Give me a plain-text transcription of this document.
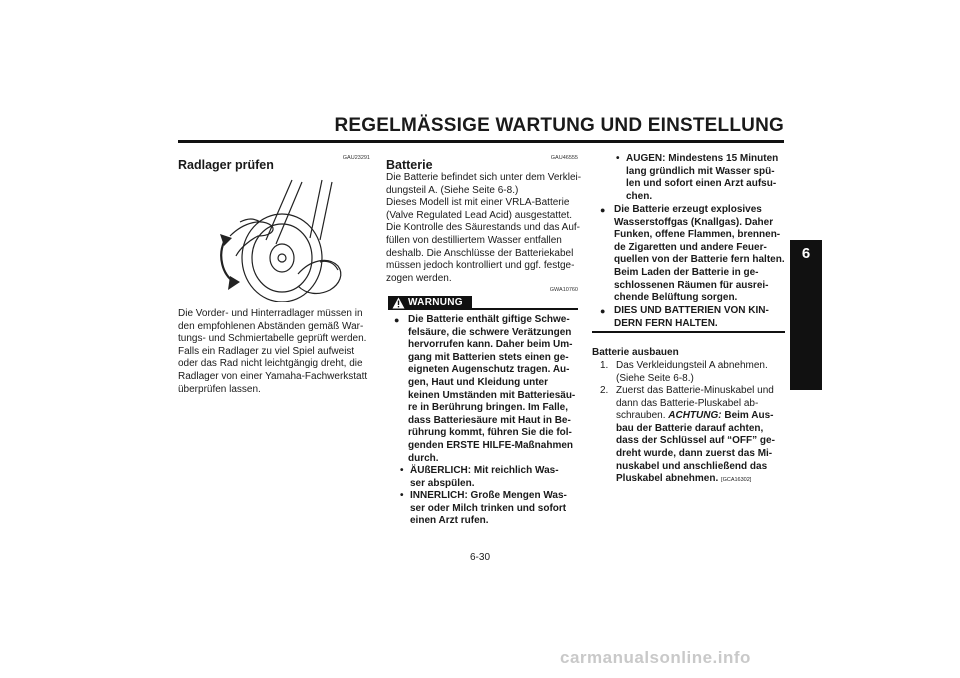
REGELMÄSSIGE WARTUNG UND EINSTELLUNG
6
GAU23291
Radlager prüfen
Die Vorder- und Hinterradlager müssen in
den empfohlenen Abständen gemäß War-
tungs- und Schmiertabelle geprüft werden.
Falls ein Radlager zu viel Spiel aufweist
oder das Rad nicht leichtgängig dreht, die
Radlager von einer Yamaha-Fachwerkstatt
überprüfen lassen.
GAU46555
Batterie
Die Batterie befindet sich unter dem Verklei-
dungsteil A. (Siehe Seite 6-8.)
Dieses Modell ist mit einer VRLA-Batterie
(Valve Regulated Lead Acid) ausgestattet.
Die Kontrolle des Säurestands und das Auf-
füllen von destilliertem Wasser entfallen
deshalb. Die Anschlüsse der Batteriekabel
müssen jedoch kontrolliert und ggf. festge-
zogen werden.
GWA10760
WARNUNG
● Die Batterie enthält giftige Schwe-
felsäure, die schwere Verätzungen
hervorrufen kann. Daher beim Um-
gang mit Batterien stets einen ge-
eigneten Augenschutz tragen. Au-
gen, Haut und Kleidung unter
keinen Umständen mit Batteriesäu-
re in Berührung bringen. Im Falle,
dass Batteriesäure mit Haut in Be-
rührung kommt, führen Sie die fol-
genden ERSTE HILFE-Maßnahmen
durch.
• ÄUßERLICH: Mit reichlich Was-
ser abspülen.
• INNERLICH: Große Mengen Was-
ser oder Milch trinken und sofort
einen Arzt rufen.
• AUGEN: Mindestens 15 Minuten
lang gründlich mit Wasser spü-
len und sofort einen Arzt aufsu-
chen.
● Die Batterie erzeugt explosives
Wasserstoffgas (Knallgas). Daher
Funken, offene Flammen, brennen-
de Zigaretten und andere Feuer-
quellen von der Batterie fern halten.
Beim Laden der Batterie in ge-
schlossenen Räumen für ausrei-
chende Belüftung sorgen.
● DIES UND BATTERIEN VON KIN-
DERN FERN HALTEN.
Batterie ausbauen
1. Das Verkleidungsteil A abnehmen.
(Siehe Seite 6-8.)
2. Zuerst das Batterie-Minuskabel und
dann das Batterie-Pluskabel ab-
schrauben. ACHTUNG: Beim Aus-
bau der Batterie darauf achten,
dass der Schlüssel auf “OFF” ge-
dreht wurde, dann zuerst das Mi-
nuskabel und anschließend das
Pluskabel abnehmen. [GCA16302]
6-30
carmanualsonline.info
